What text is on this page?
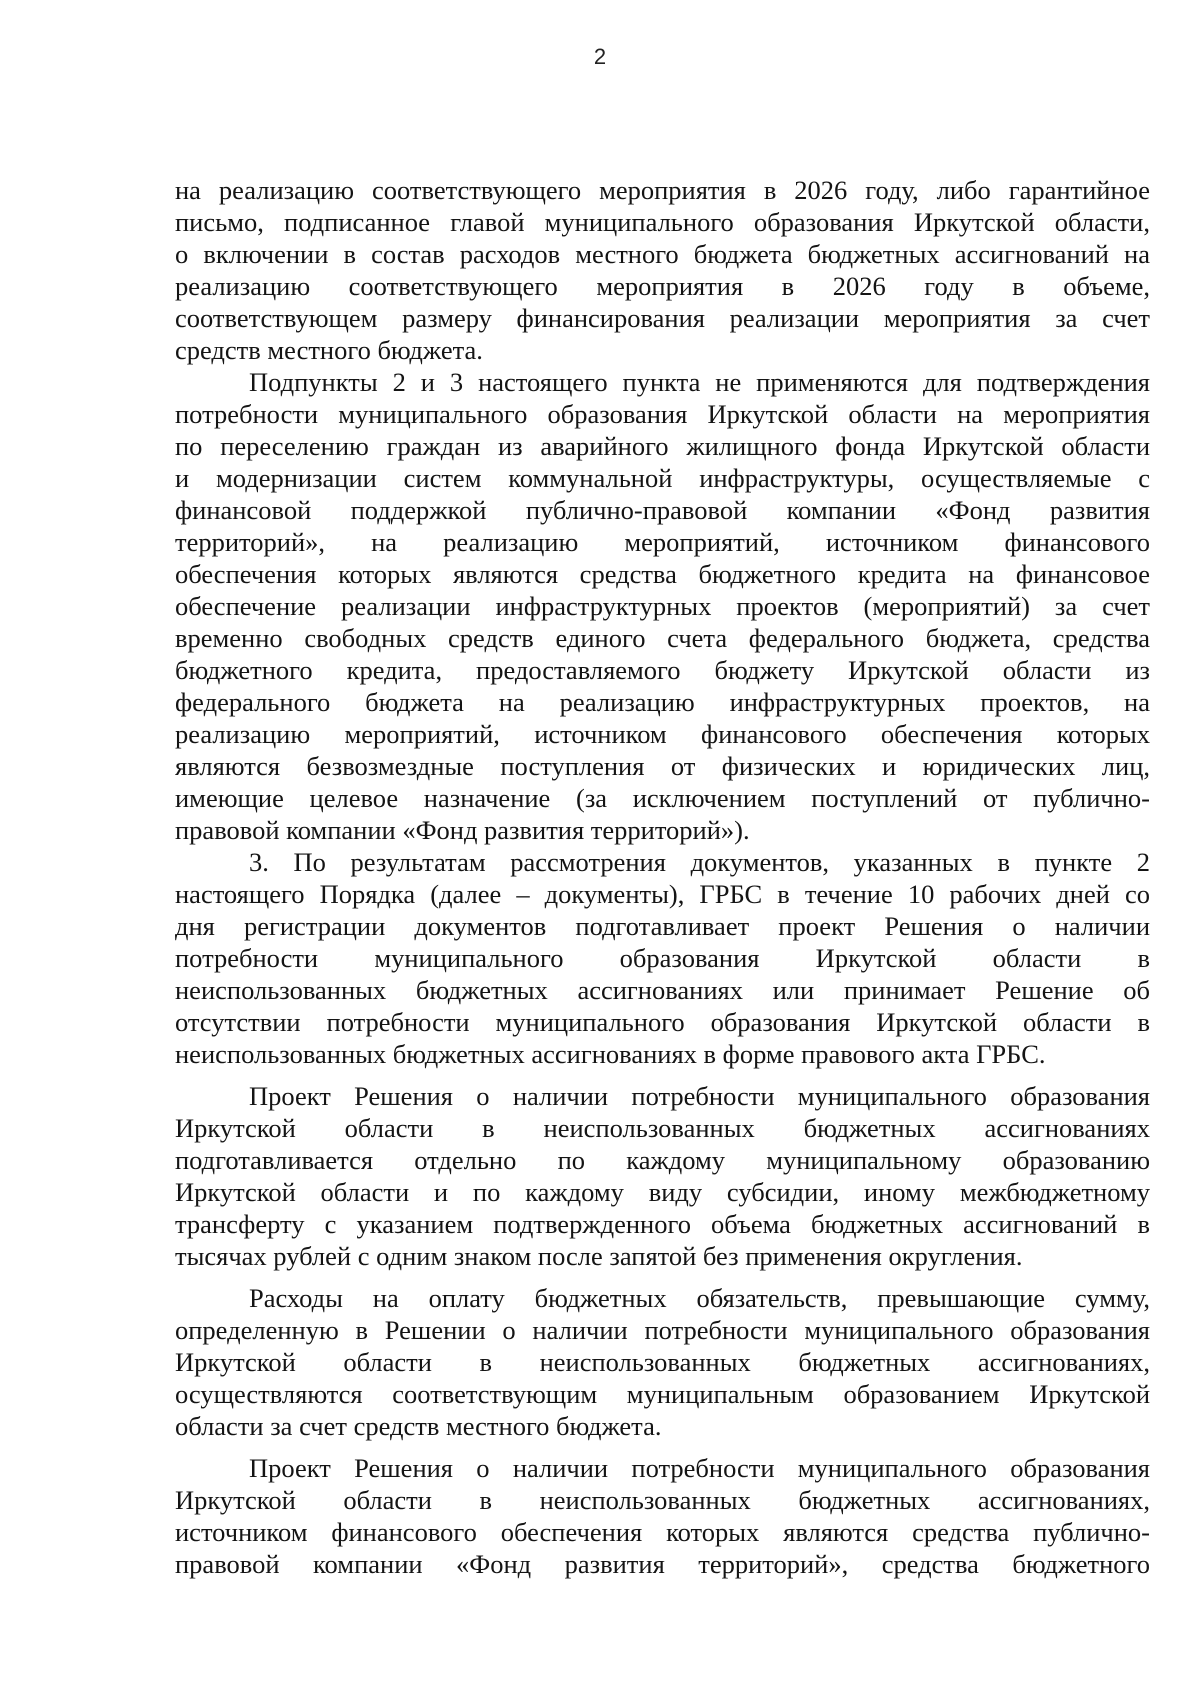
2
на реализацию соответствующего мероприятия в 2026 году, либо гарантийное
письмо, подписанное главой муниципального образования Иркутской области,
о включении в состав расходов местного бюджета бюджетных ассигнований на
реализацию соответствующего мероприятия в 2026 году в объеме,
соответствующем размеру финансирования реализации мероприятия за счет
средств местного бюджета.
Подпункты 2 и 3 настоящего пункта не применяются для подтверждения
потребности муниципального образования Иркутской области на мероприятия
по переселению граждан из аварийного жилищного фонда Иркутской области
и модернизации систем коммунальной инфраструктуры, осуществляемые с
финансовой поддержкой публично-правовой компании «Фонд развития
территорий», на реализацию мероприятий, источником финансового
обеспечения которых являются средства бюджетного кредита на финансовое
обеспечение реализации инфраструктурных проектов (мероприятий) за счет
временно свободных средств единого счета федерального бюджета, средства
бюджетного кредита, предоставляемого бюджету Иркутской области из
федерального бюджета на реализацию инфраструктурных проектов, на
реализацию мероприятий, источником финансового обеспечения которых
являются безвозмездные поступления от физических и юридических лиц,
имеющие целевое назначение (за исключением поступлений от публично-
правовой компании «Фонд развития территорий»).
3. По результатам рассмотрения документов, указанных в пункте 2
настоящего Порядка (далее – документы), ГРБС в течение 10 рабочих дней со
дня регистрации документов подготавливает проект Решения о наличии
потребности муниципального образования Иркутской области в
неиспользованных бюджетных ассигнованиях или принимает Решение об
отсутствии потребности муниципального образования Иркутской области в
неиспользованных бюджетных ассигнованиях в форме правового акта ГРБС.
Проект Решения о наличии потребности муниципального образования
Иркутской области в неиспользованных бюджетных ассигнованиях
подготавливается отдельно по каждому муниципальному образованию
Иркутской области и по каждому виду субсидии, иному межбюджетному
трансферту с указанием подтвержденного объема бюджетных ассигнований в
тысячах рублей с одним знаком после запятой без применения округления.
Расходы на оплату бюджетных обязательств, превышающие сумму,
определенную в Решении о наличии потребности муниципального образования
Иркутской области в неиспользованных бюджетных ассигнованиях,
осуществляются соответствующим муниципальным образованием Иркутской
области за счет средств местного бюджета.
Проект Решения о наличии потребности муниципального образования
Иркутской области в неиспользованных бюджетных ассигнованиях,
источником финансового обеспечения которых являются средства публично-
правовой компании «Фонд развития территорий», средства бюджетного
